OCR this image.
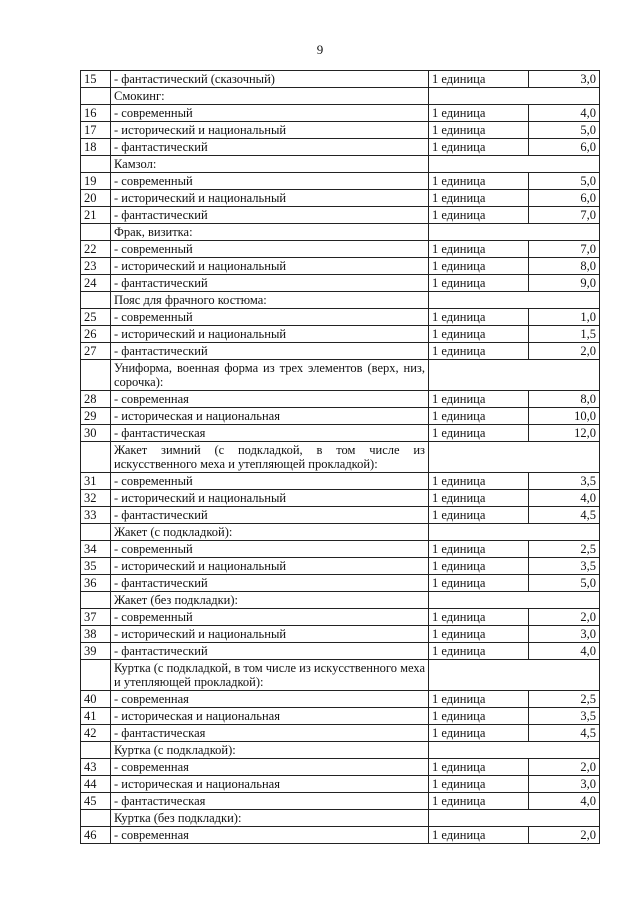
9
15	- фантастический (сказочный)	1 единица	3,0
	Смокинг:		
16	- современный	1 единица	4,0
17	- исторический и национальный	1 единица	5,0
18	- фантастический	1 единица	6,0
	Камзол:		
19	- современный	1 единица	5,0
20	- исторический и национальный	1 единица	6,0
21	- фантастический	1 единица	7,0
	Фрак, визитка:		
22	- современный	1 единица	7,0
23	- исторический и национальный	1 единица	8,0
24	- фантастический	1 единица	9,0
	Пояс для фрачного костюма:		
25	- современный	1 единица	1,0
26	- исторический и национальный	1 единица	1,5
27	- фантастический	1 единица	2,0
	Униформа, военная форма из трех элементов (верх, низ, сорочка):		
28	- современная	1 единица	8,0
29	- историческая и национальная	1 единица	10,0
30	- фантастическая	1 единица	12,0
	Жакет зимний (с подкладкой, в том числе из искусственного меха и утепляющей прокладкой):		
31	- современный	1 единица	3,5
32	- исторический и национальный	1 единица	4,0
33	- фантастический	1 единица	4,5
	Жакет (с подкладкой):		
34	- современный	1 единица	2,5
35	- исторический и национальный	1 единица	3,5
36	- фантастический	1 единица	5,0
	Жакет (без подкладки):		
37	- современный	1 единица	2,0
38	- исторический и национальный	1 единица	3,0
39	- фантастический	1 единица	4,0
	Куртка (с подкладкой, в том числе из искусственного меха и утепляющей прокладкой):		
40	- современная	1 единица	2,5
41	- историческая и национальная	1 единица	3,5
42	- фантастическая	1 единица	4,5
	Куртка (с подкладкой):		
43	- современная	1 единица	2,0
44	- историческая и национальная	1 единица	3,0
45	- фантастическая	1 единица	4,0
	Куртка (без подкладки):		
46	- современная	1 единица	2,0
